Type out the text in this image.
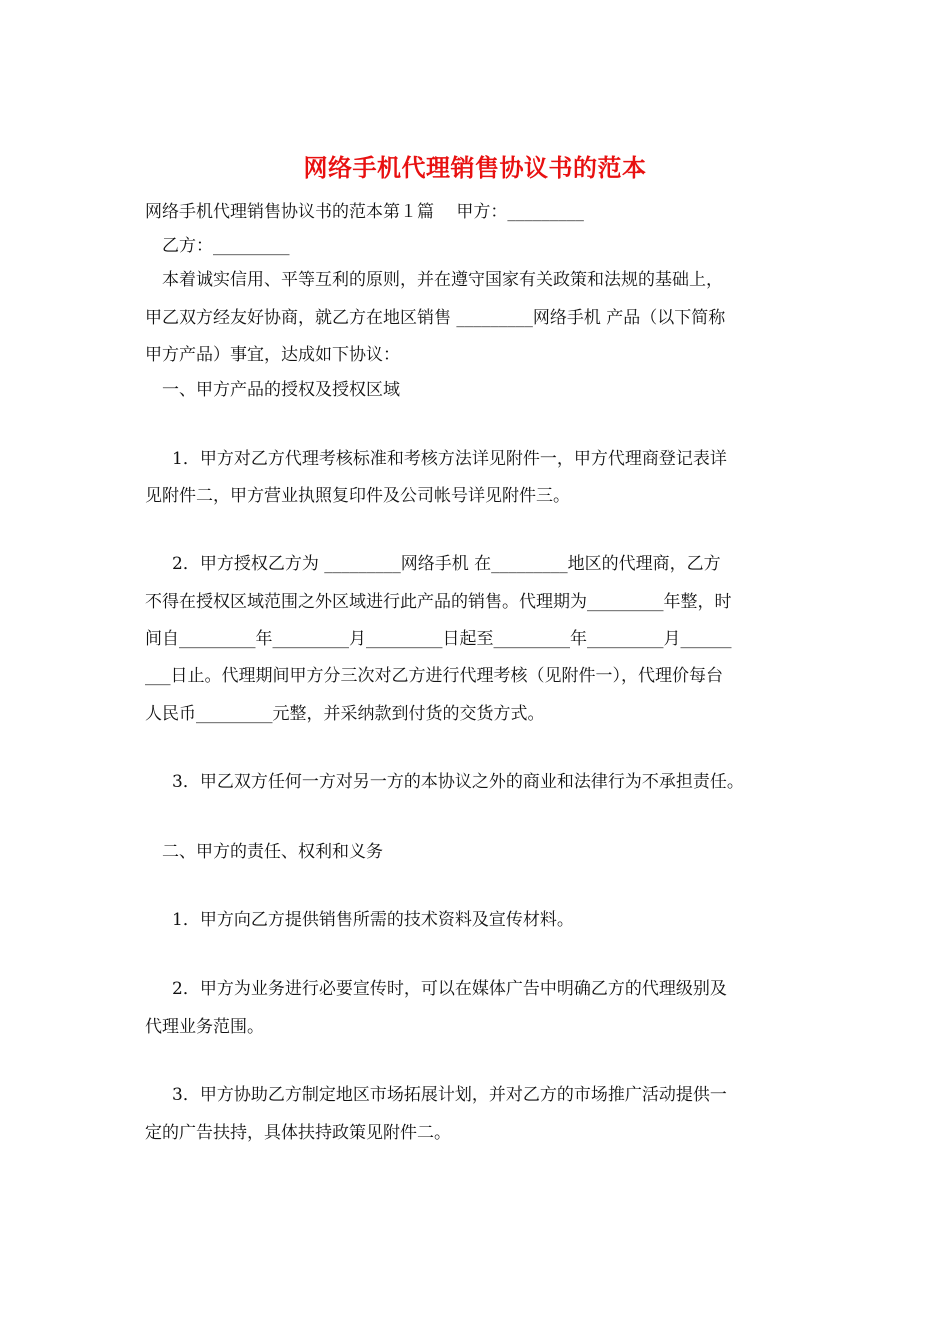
网络手机代理销售协议书的范本
网络手机代理销售协议书的范本第１篇　 甲方：_________
乙方：_________
本着诚实信用、平等互利的原则，并在遵守国家有关政策和法规的基础上，
甲乙双方经友好协商，就乙方在地区销售 _________网络手机 产品（以下简称
甲方产品）事宜，达成如下协议：
一、甲方产品的授权及授权区域
1．甲方对乙方代理考核标准和考核方法详见附件一，甲方代理商登记表详
见附件二，甲方营业执照复印件及公司帐号详见附件三。
2．甲方授权乙方为 _________网络手机 在_________地区的代理商，乙方
不得在授权区域范围之外区域进行此产品的销售。代理期为_________年整，时
间自_________年_________月_________日起至_________年_________月______
___日止。代理期间甲方分三次对乙方进行代理考核（见附件一），代理价每台
人民币_________元整，并采纳款到付货的交货方式。
3．甲乙双方任何一方对另一方的本协议之外的商业和法律行为不承担责任。
二、甲方的责任、权利和义务
1．甲方向乙方提供销售所需的技术资料及宣传材料。
2．甲方为业务进行必要宣传时，可以在媒体广告中明确乙方的代理级别及
代理业务范围。
3．甲方协助乙方制定地区市场拓展计划，并对乙方的市场推广活动提供一
定的广告扶持，具体扶持政策见附件二。
